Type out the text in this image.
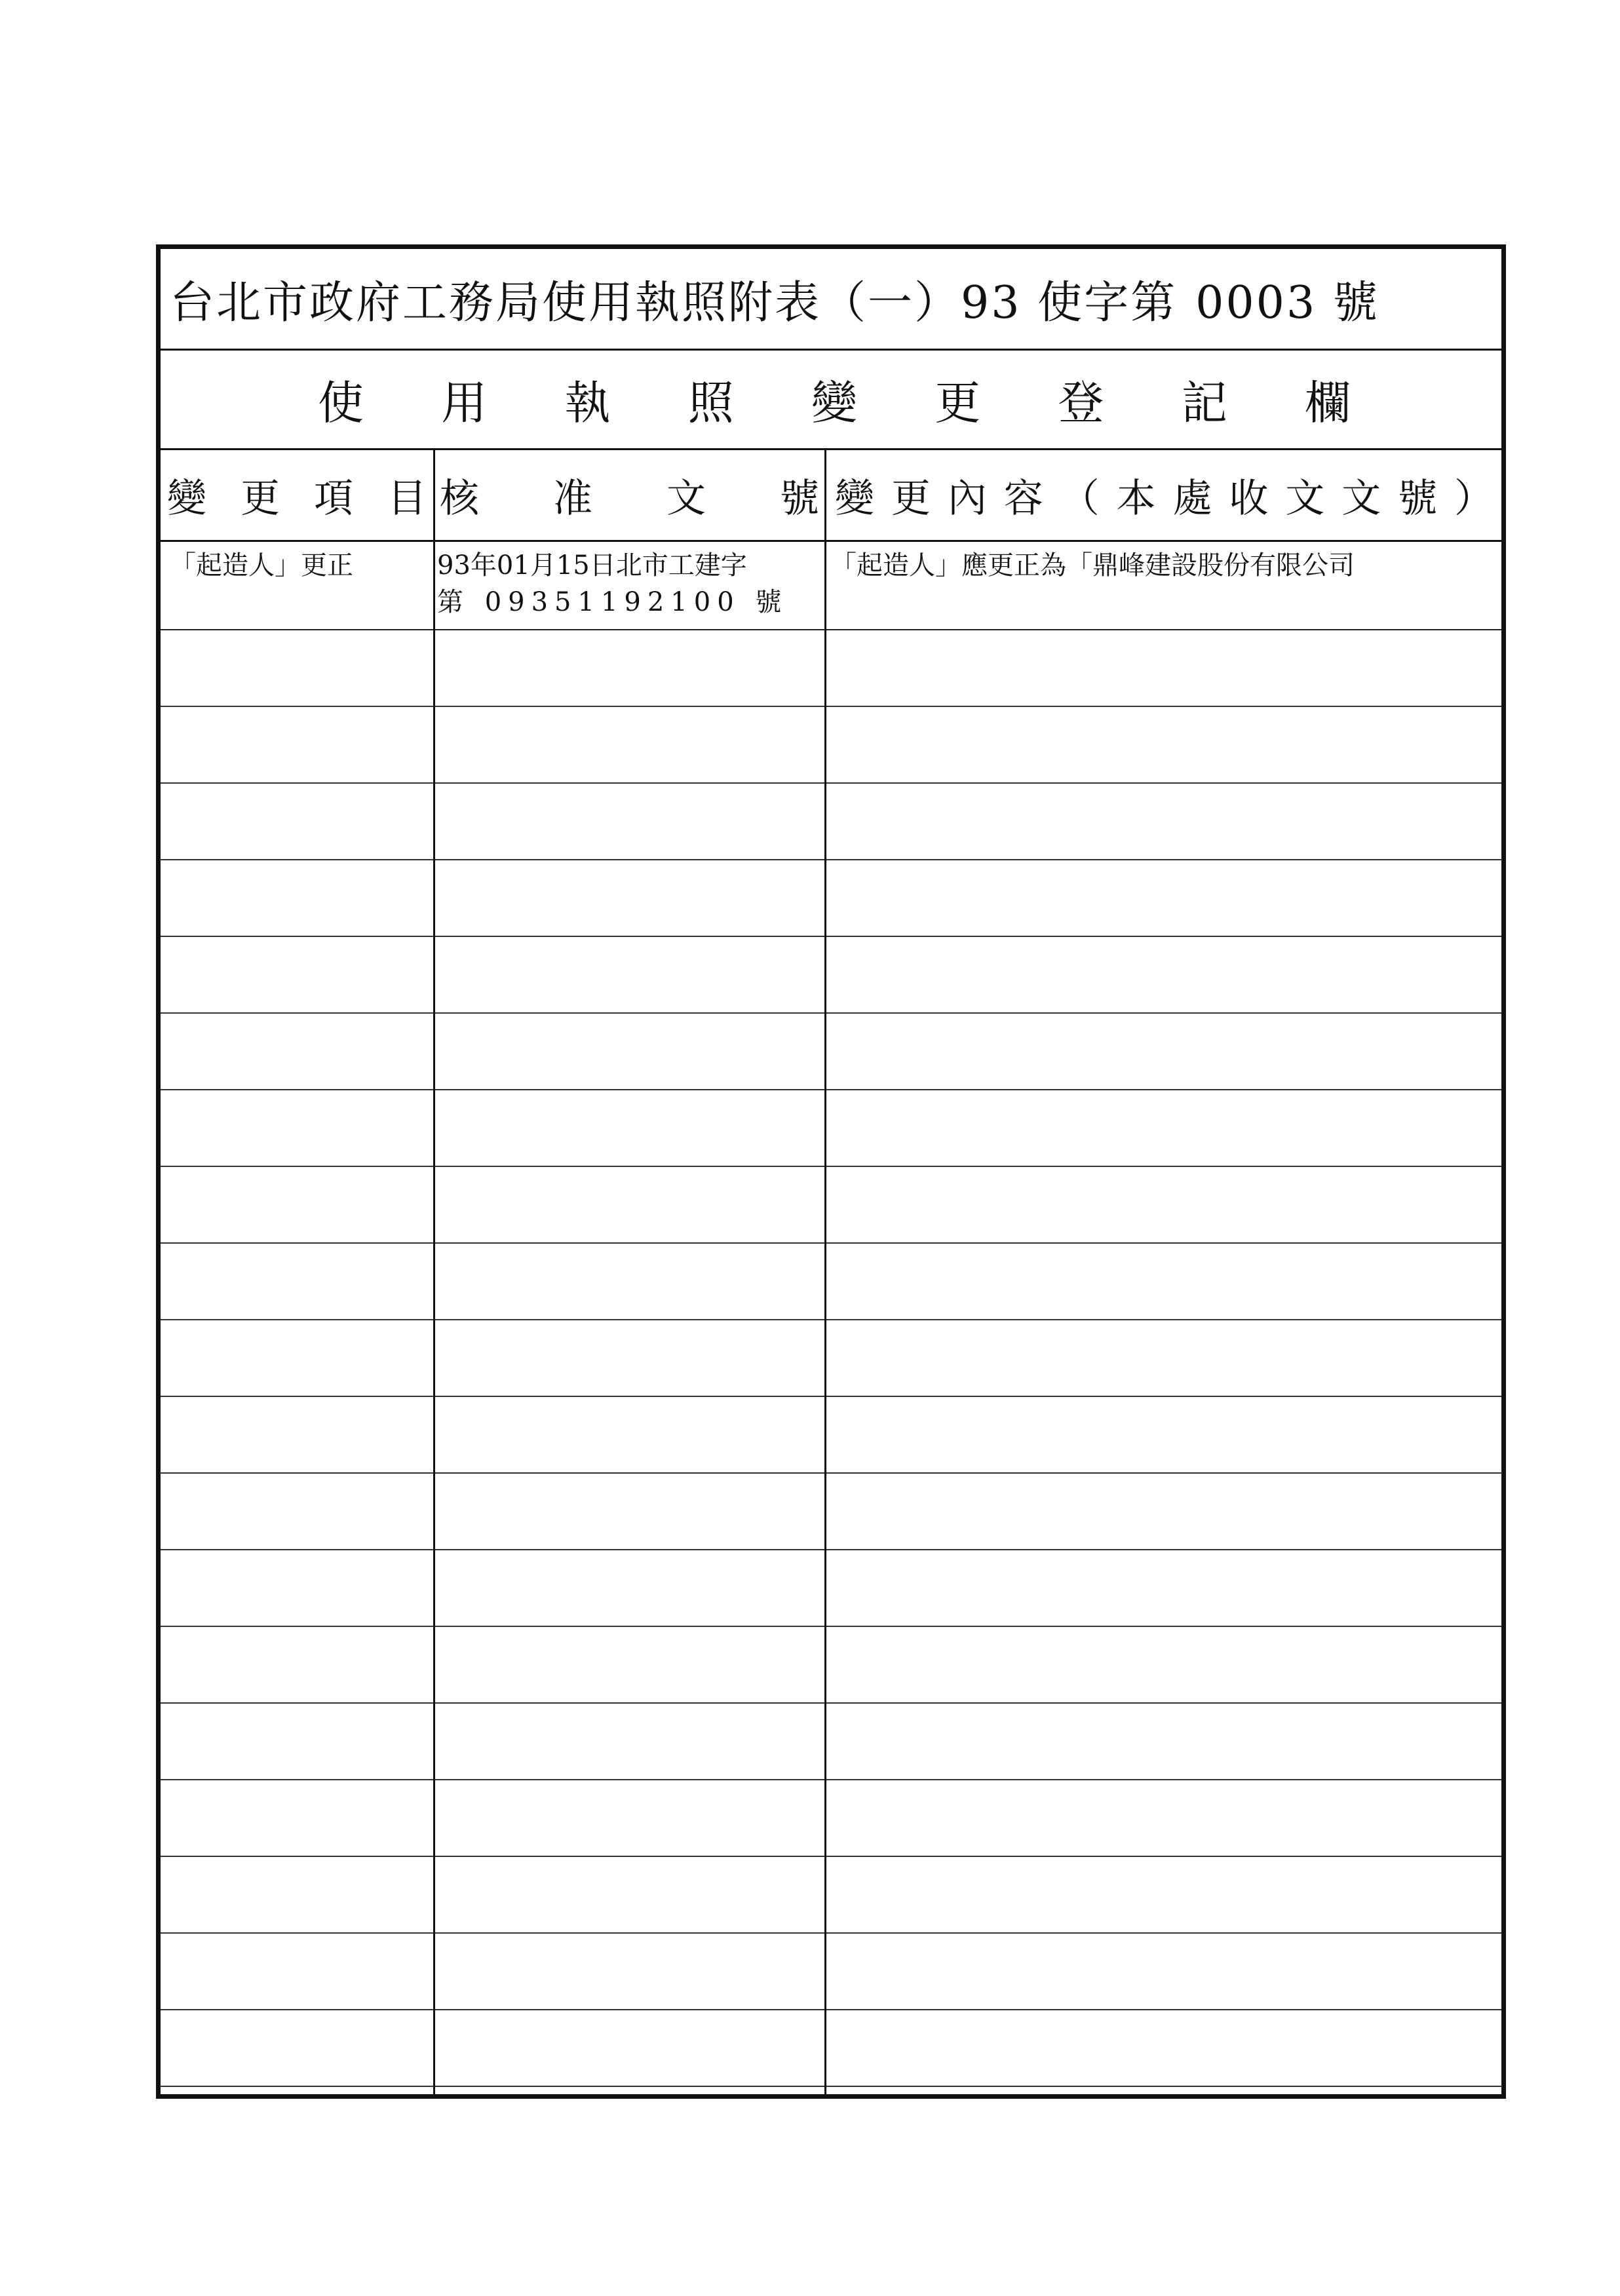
台北市政府工務局使用執照附表（一）93 使字第 0003 號
使 用 執 照 變 更 登 記 欄
變 更 項 目 核 准 文 號 變 更 內 容 （ 本 處 收 文 文 號 ）
「起造人」更正	93年01月15日北市工建字
第 09351192100 號
「起造人」應更正為「鼎峰建設股份有限公司
